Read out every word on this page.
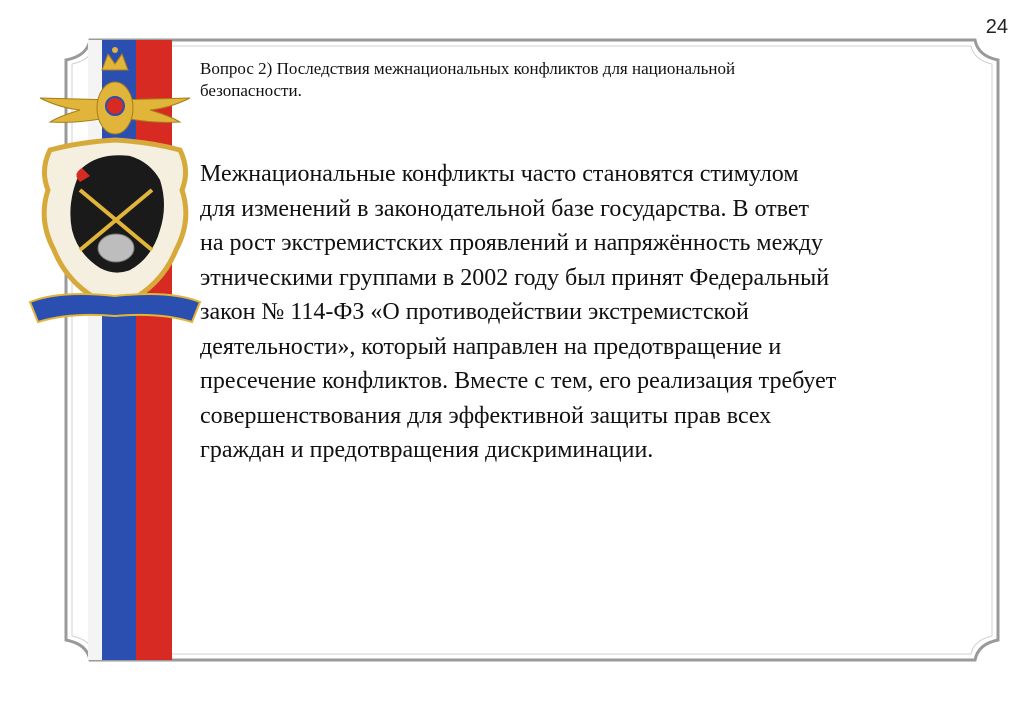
24
Вопрос 2) Последствия межнациональных конфликтов для национальной
безопасности.
Межнациональные конфликты часто становятся стимулом
для изменений в законодательной базе государства. В ответ
на рост экстремистских проявлений и напряжённость между
этническими группами в 2002 году был принят Федеральный
закон № 114-ФЗ «О противодействии экстремистской
деятельности», который направлен на предотвращение и
пресечение конфликтов. Вместе с тем, его реализация требует
совершенствования для эффективной защиты прав всех
граждан и предотвращения дискриминации.
